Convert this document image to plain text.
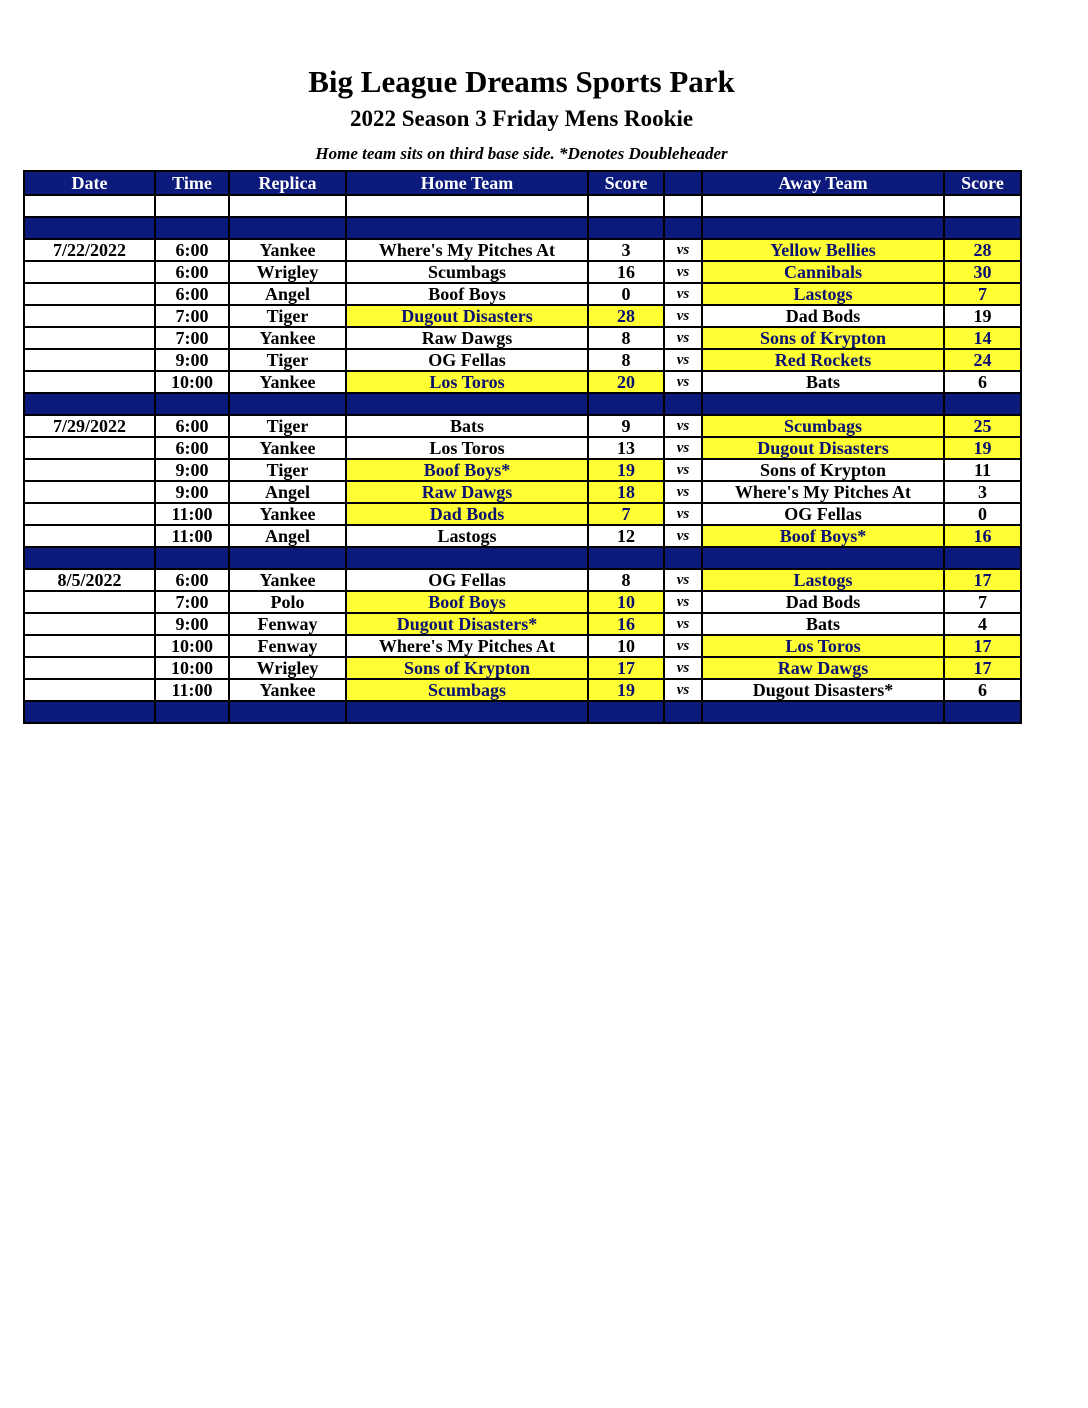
Big League Dreams Sports Park
2022 Season 3 Friday Mens Rookie
Home team sits on third base side. *Denotes Doubleheader
Date	Time	Replica	Home Team	Score		Away Team	Score

7/22/2022	6:00	Yankee	Where's My Pitches At	3	vs	Yellow Bellies	28
	6:00	Wrigley	Scumbags	16	vs	Cannibals	30
	6:00	Angel	Boof Boys	0	vs	Lastogs	7
	7:00	Tiger	Dugout Disasters	28	vs	Dad Bods	19
	7:00	Yankee	Raw Dawgs	8	vs	Sons of Krypton	14
	9:00	Tiger	OG Fellas	8	vs	Red Rockets	24
	10:00	Yankee	Los Toros	20	vs	Bats	6

7/29/2022	6:00	Tiger	Bats	9	vs	Scumbags	25
	6:00	Yankee	Los Toros	13	vs	Dugout Disasters	19
	9:00	Tiger	Boof Boys*	19	vs	Sons of Krypton	11
	9:00	Angel	Raw Dawgs	18	vs	Where's My Pitches At	3
	11:00	Yankee	Dad Bods	7	vs	OG Fellas	0
	11:00	Angel	Lastogs	12	vs	Boof Boys*	16

8/5/2022	6:00	Yankee	OG Fellas	8	vs	Lastogs	17
	7:00	Polo	Boof Boys	10	vs	Dad Bods	7
	9:00	Fenway	Dugout Disasters*	16	vs	Bats	4
	10:00	Fenway	Where's My Pitches At	10	vs	Los Toros	17
	10:00	Wrigley	Sons of Krypton	17	vs	Raw Dawgs	17
	11:00	Yankee	Scumbags	19	vs	Dugout Disasters*	6
